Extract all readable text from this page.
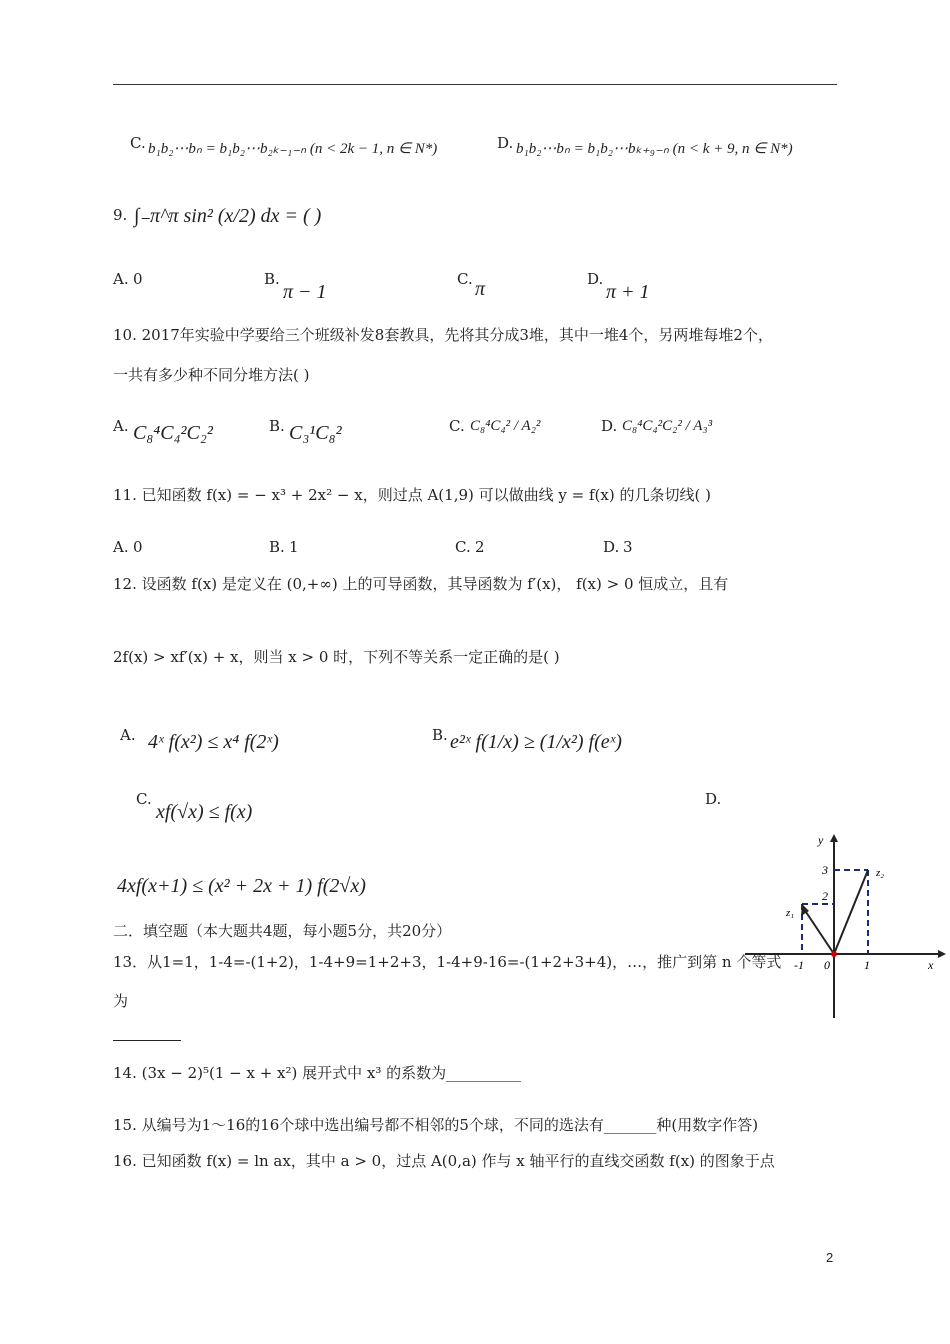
C. b₁b₂⋯bₙ = b₁b₂⋯b₂ₖ₋₁₋ₙ (n < 2k − 1, n ∈ N*)	D. b₁b₂⋯bₙ = b₁b₂⋯bₖ₊₉₋ₙ (n < k + 9, n ∈ N*)
9. ∫₋π^π sin² (x/2) dx = ( )
A. 0	B.
π − 1
C. π	D.
π + 1
10. 2017年实验中学要给三个班级补发8套教具，先将其分成3堆，其中一堆4个，另两堆每堆2个，
一共有多少种不同分堆方法( )
A. C₈⁴C₄²C₂²	B. C₃¹C₈²	C. C₈⁴C₄² / A₂²	D. C₈⁴C₄²C₂² / A₃³
11. 已知函数 f(x) = − x³ + 2x² − x，则过点 A(1,9) 可以做曲线 y = f(x) 的几条切线( )
A. 0	B. 1	C. 2	D. 3
12. 设函数 f(x) 是定义在 (0,+∞) 上的可导函数，其导函数为 f′(x)， f(x) > 0 恒成立，且有
2f(x) > xf′(x) + x，则当 x > 0 时，下列不等关系一定正确的是( )
A. 4ˣ f(x²) ≤ x⁴ f(2ˣ)	B. e²ˣ f(1/x) ≥ (1/x²) f(eˣ)
C.
xf(√x) ≤ f(x)
D.
4xf(x+1) ≤ (x² + 2x + 1) f(2√x)
二．填空题（本大题共4题，每小题5分，共20分）
13．从1=1，1-4=-(1+2)，1-4+9=1+2+3，1-4+9-16=-(1+2+3+4)，…，推广到第 n 个等式
为
14. (3x − 2)⁵(1 − x + x²) 展开式中 x³ 的系数为__________
15. 从编号为1～16的16个球中选出编号都不相邻的5个球，不同的选法有_______种(用数字作答)
16. 已知函数 f(x) = ln ax，其中 a > 0，过点 A(0,a) 作与 x 轴平行的直线交函数 f(x) 的图象于点
y
x
0
-1	1
2
3
z₁
z₂
2
